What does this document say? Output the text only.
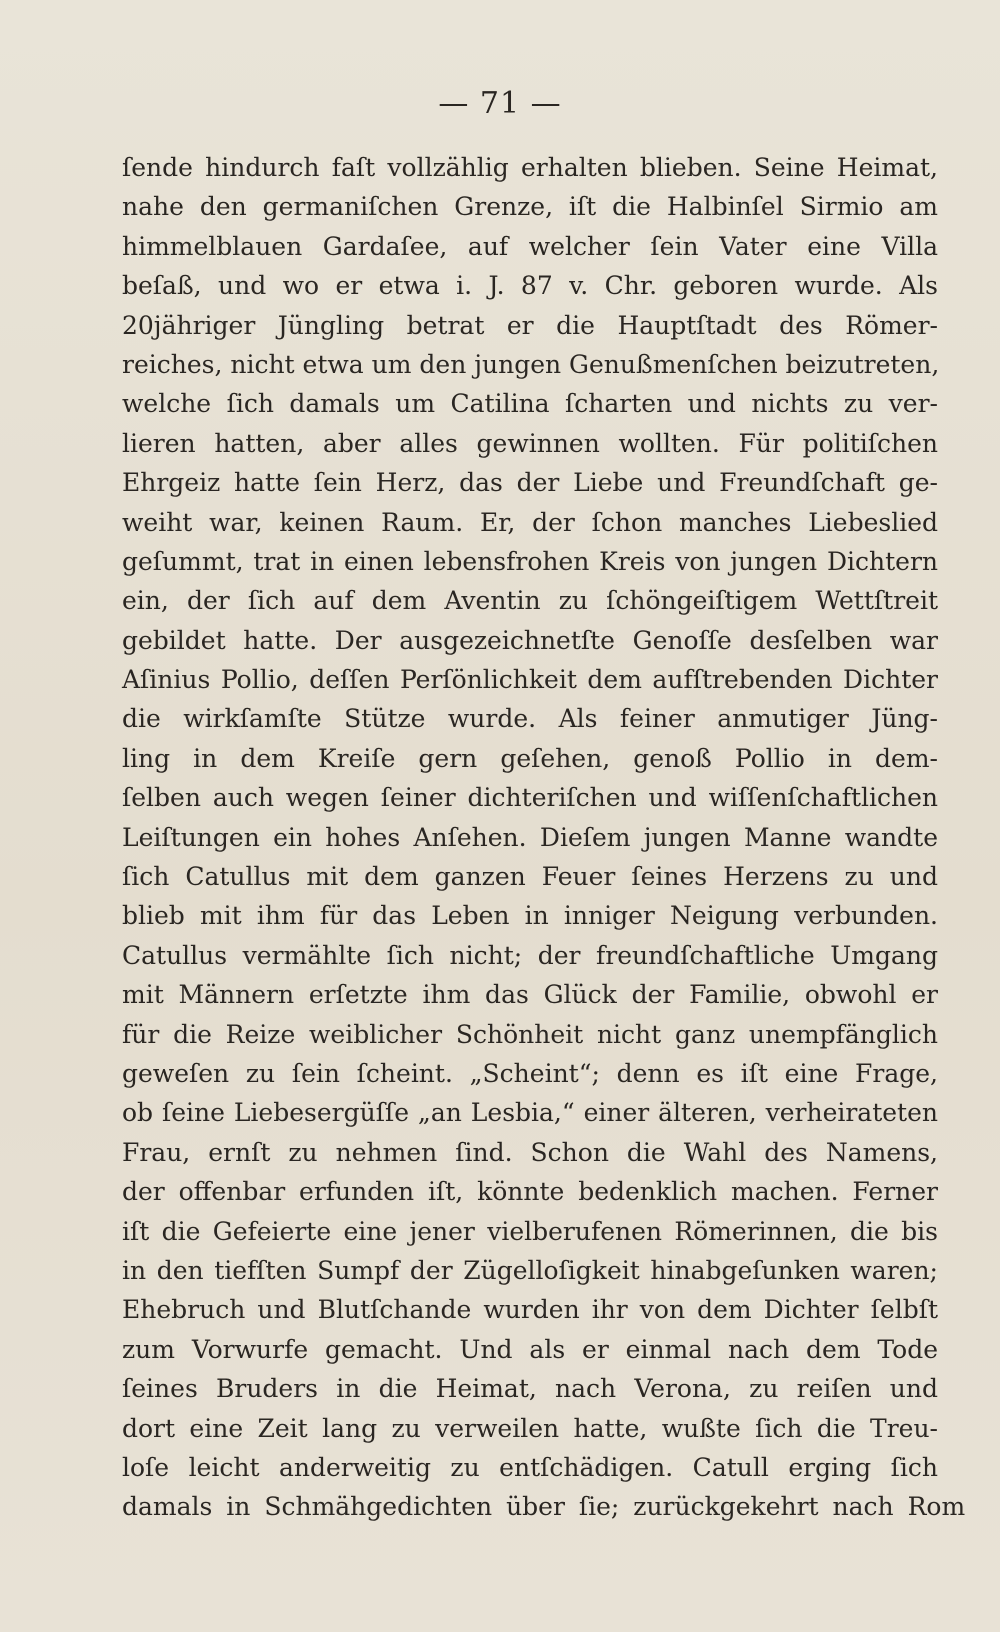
— 71 —
ſende hindurch faſt vollzählig erhalten blieben. Seine Heimat,
nahe den germaniſchen Grenze, iſt die Halbinſel Sirmio am
himmelblauen Gardaſee, auf welcher ſein Vater eine Villa
beſaß, und wo er etwa i. J. 87 v. Chr. geboren wurde. Als
20jähriger Jüngling betrat er die Hauptſtadt des Römer-
reiches, nicht etwa um den jungen Genußmenſchen beizutreten,
welche ſich damals um Catilina ſcharten und nichts zu ver-
lieren hatten, aber alles gewinnen wollten. Für politiſchen
Ehrgeiz hatte ſein Herz, das der Liebe und Freundſchaft ge-
weiht war, keinen Raum. Er, der ſchon manches Liebeslied
geſummt, trat in einen lebensfrohen Kreis von jungen Dichtern
ein, der ſich auf dem Aventin zu ſchöngeiſtigem Wettſtreit
gebildet hatte. Der ausgezeichnetſte Genoſſe desſelben war
Aſinius Pollio, deſſen Perſönlichkeit dem aufſtrebenden Dichter
die wirkſamſte Stütze wurde. Als feiner anmutiger Jüng-
ling in dem Kreiſe gern geſehen, genoß Pollio in dem-
ſelben auch wegen ſeiner dichteriſchen und wiſſenſchaftlichen
Leiſtungen ein hohes Anſehen. Dieſem jungen Manne wandte
ſich Catullus mit dem ganzen Feuer ſeines Herzens zu und
blieb mit ihm für das Leben in inniger Neigung verbunden.
Catullus vermählte ſich nicht; der freundſchaftliche Umgang
mit Männern erſetzte ihm das Glück der Familie, obwohl er
für die Reize weiblicher Schönheit nicht ganz unempfänglich
geweſen zu ſein ſcheint. „Scheint“; denn es iſt eine Frage,
ob ſeine Liebesergüſſe „an Lesbia,“ einer älteren, verheirateten
Frau, ernſt zu nehmen ſind. Schon die Wahl des Namens,
der offenbar erfunden iſt, könnte bedenklich machen. Ferner
iſt die Gefeierte eine jener vielberufenen Römerinnen, die bis
in den tiefſten Sumpf der Zügelloſigkeit hinabgeſunken waren;
Ehebruch und Blutſchande wurden ihr von dem Dichter ſelbſt
zum Vorwurfe gemacht. Und als er einmal nach dem Tode
ſeines Bruders in die Heimat, nach Verona, zu reiſen und
dort eine Zeit lang zu verweilen hatte, wußte ſich die Treu-
loſe leicht anderweitig zu entſchädigen. Catull erging ſich
damals in Schmähgedichten über ſie; zurückgekehrt nach Rom
